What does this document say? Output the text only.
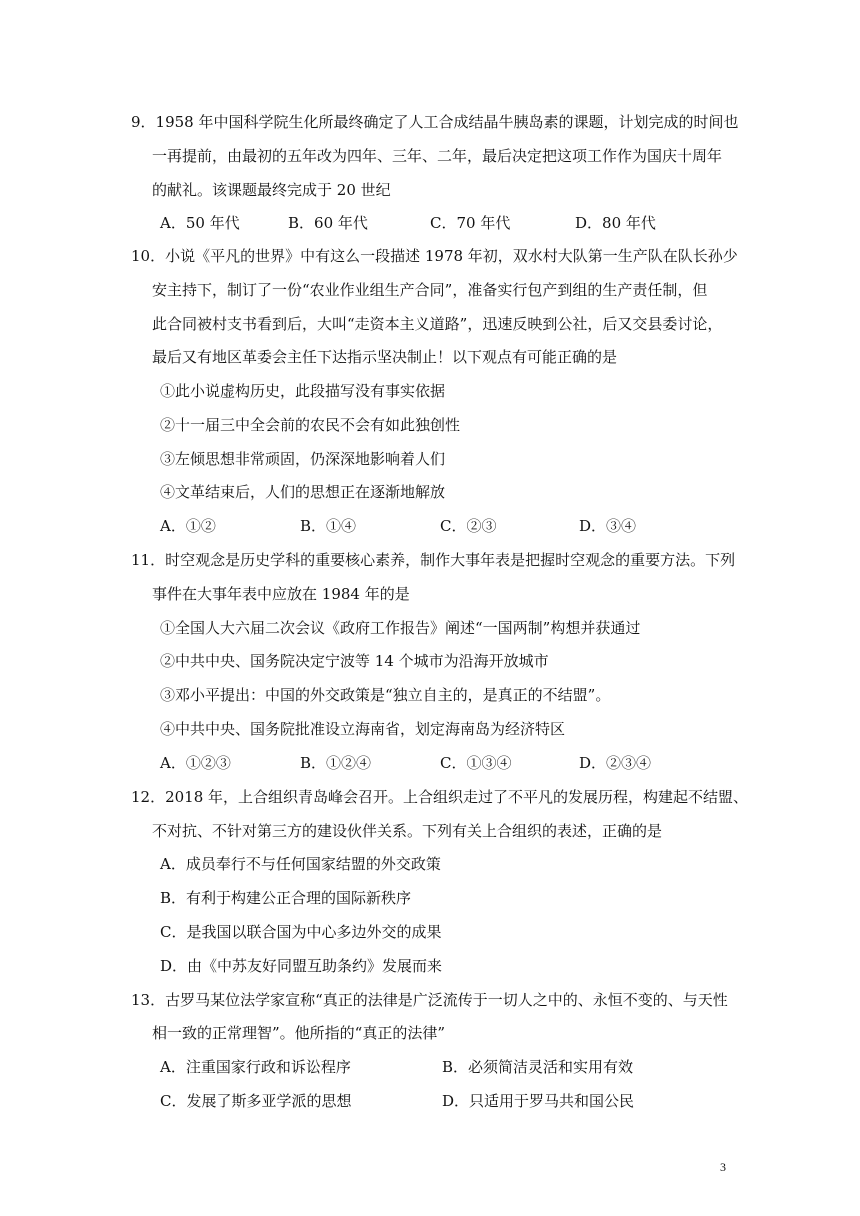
9．1958 年中国科学院生化所最终确定了人工合成结晶牛胰岛素的课题，计划完成的时间也
一再提前，由最初的五年改为四年、三年、二年，最后决定把这项工作作为国庆十周年
的献礼。该课题最终完成于 20 世纪
A．50 年代	B．60 年代	C．70 年代	D．80 年代
10．小说《平凡的世界》中有这么一段描述 1978 年初，双水村大队第一生产队在队长孙少
安主持下，制订了一份“农业作业组生产合同”，准备实行包产到组的生产责任制，但
此合同被村支书看到后，大叫“走资本主义道路”，迅速反映到公社，后又交县委讨论，
最后又有地区革委会主任下达指示坚决制止！以下观点有可能正确的是
①此小说虚构历史，此段描写没有事实依据
②十一届三中全会前的农民不会有如此独创性
③左倾思想非常顽固，仍深深地影响着人们
④文革结束后，人们的思想正在逐渐地解放
A．①②	B．①④	C．②③	D．③④
11．时空观念是历史学科的重要核心素养，制作大事年表是把握时空观念的重要方法。下列
事件在大事年表中应放在 1984 年的是
①全国人大六届二次会议《政府工作报告》阐述“一国两制”构想并获通过
②中共中央、国务院决定宁波等 14 个城市为沿海开放城市
③邓小平提出：中国的外交政策是“独立自主的，是真正的不结盟”。
④中共中央、国务院批准设立海南省，划定海南岛为经济特区
A．①②③	B．①②④	C．①③④	D．②③④
12．2018 年，上合组织青岛峰会召开。上合组织走过了不平凡的发展历程，构建起不结盟、
不对抗、不针对第三方的建设伙伴关系。下列有关上合组织的表述，正确的是
A．成员奉行不与任何国家结盟的外交政策
B．有利于构建公正合理的国际新秩序
C．是我国以联合国为中心多边外交的成果
D．由《中苏友好同盟互助条约》发展而来
13．古罗马某位法学家宣称“真正的法律是广泛流传于一切人之中的、永恒不变的、与天性
相一致的正常理智”。他所指的“真正的法律”
A．注重国家行政和诉讼程序	B．必须简洁灵活和实用有效
C．发展了斯多亚学派的思想	D．只适用于罗马共和国公民
3
